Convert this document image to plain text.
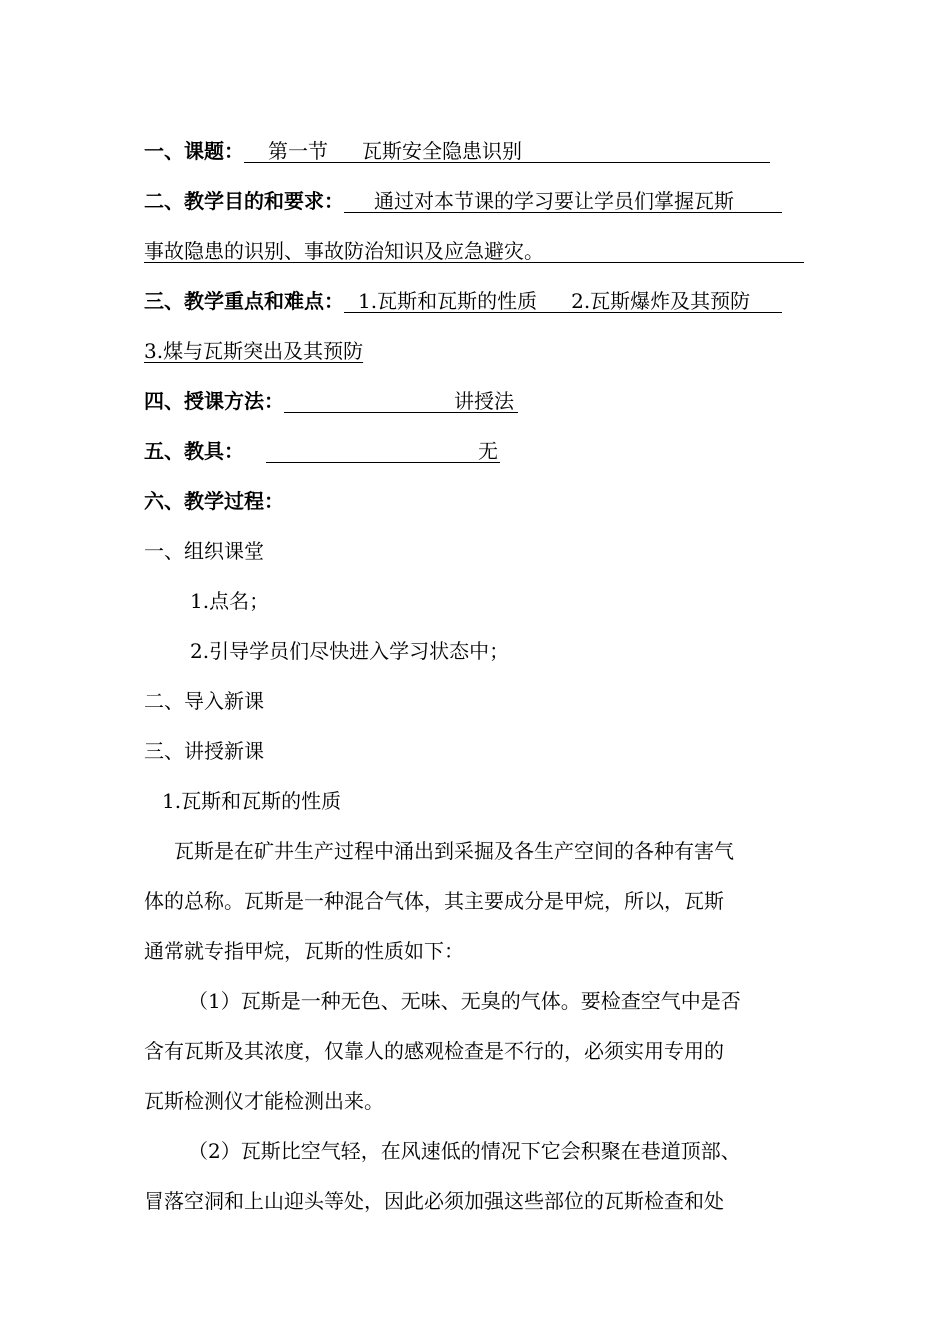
一、课题： 第一节 瓦斯安全隐患识别
二、教学目的和要求： 通过对本节课的学习要让学员们掌握瓦斯
事故隐患的识别、事故防治知识及应急避灾。
三、教学重点和难点： 1.瓦斯和瓦斯的性质 2.瓦斯爆炸及其预防
3.煤与瓦斯突出及其预防
四、授课方法：	讲授法
五、教具：	无
六、教学过程：
一、组织课堂
1.点名；
2.引导学员们尽快进入学习状态中；
二、导入新课
三、讲授新课
1.瓦斯和瓦斯的性质
瓦斯是在矿井生产过程中涌出到采掘及各生产空间的各种有害气
体的总称。瓦斯是一种混合气体，其主要成分是甲烷，所以，瓦斯
通常就专指甲烷，瓦斯的性质如下：
（1）瓦斯是一种无色、无味、无臭的气体。要检查空气中是否
含有瓦斯及其浓度，仅靠人的感观检查是不行的，必须实用专用的
瓦斯检测仪才能检测出来。
（2）瓦斯比空气轻，在风速低的情况下它会积聚在巷道顶部、
冒落空洞和上山迎头等处，因此必须加强这些部位的瓦斯检查和处
